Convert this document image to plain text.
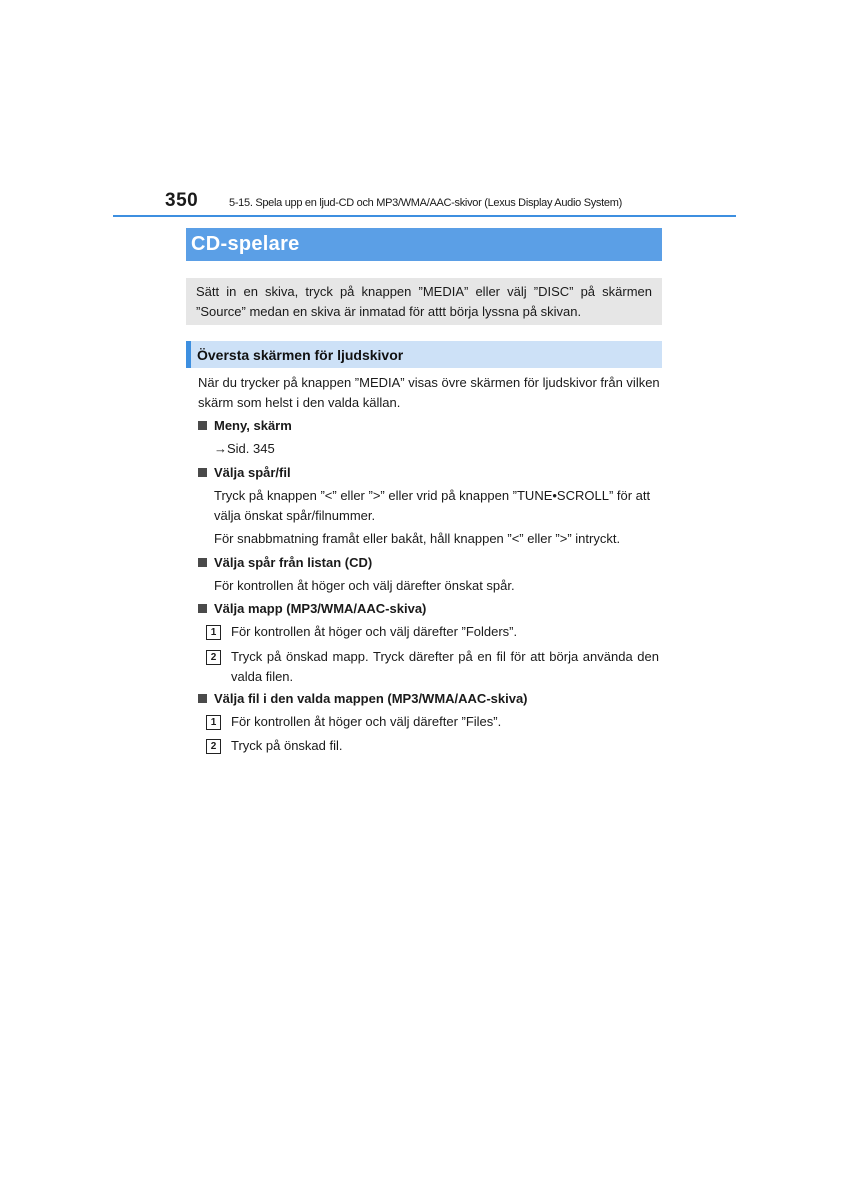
350	5-15. Spela upp en ljud-CD och MP3/WMA/AAC-skivor (Lexus Display Audio System)
CD-spelare
Sätt in en skiva, tryck på knappen ”MEDIA” eller välj ”DISC” på skärmen ”Source” medan en skiva är inmatad för attt börja lyssna på skivan.
Översta skärmen för ljudskivor
När du trycker på knappen ”MEDIA” visas övre skärmen för ljudskivor från vilken skärm som helst i den valda källan.
Meny, skärm
→Sid. 345
Välja spår/fil
Tryck på knappen ”<” eller ”>” eller vrid på knappen ”TUNE•SCROLL” för att välja önskat spår/filnummer.
För snabbmatning framåt eller bakåt, håll knappen ”<” eller ”>” intryckt.
Välja spår från listan (CD)
För kontrollen åt höger och välj därefter önskat spår.
Välja mapp (MP3/WMA/AAC-skiva)
1	För kontrollen åt höger och välj därefter ”Folders”.
2	Tryck på önskad mapp. Tryck därefter på en fil för att börja använda den valda filen.
Välja fil i den valda mappen (MP3/WMA/AAC-skiva)
1	För kontrollen åt höger och välj därefter ”Files”.
2	Tryck på önskad fil.
